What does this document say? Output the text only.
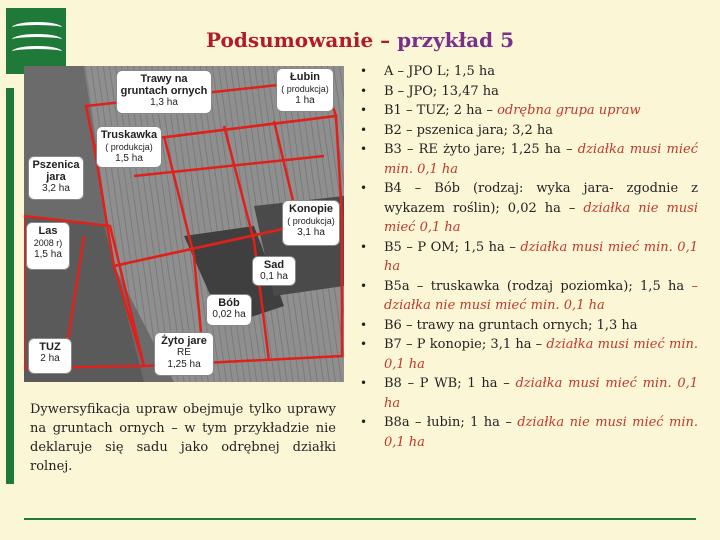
Podsumowanie – przykład 5
Trawy na
gruntach ornych
1,3 ha
Łubin
( produkcja)
1 ha
Truskawka
( produkcja)
1,5 ha
Pszenica
jara
3,2 ha
Las
2008 r)
1,5 ha
Konopie
( produkcja)
3,1 ha
Sad
0,1 ha
Bób
0,02 ha
Żyto jare
RE
1,25 ha
TUZ
2 ha
Dywersyfikacja upraw obejmuje tylko uprawy na gruntach ornych – w tym przykładzie nie deklaruje się sadu jako odrębnej działki rolnej.
• A – JPO L; 1,5 ha
• B – JPO; 13,47 ha
• B1 – TUZ; 2 ha – odrębna grupa upraw
• B2 – pszenica jara; 3,2 ha
• B3 – RE żyto jare; 1,25 ha – działka musi mieć min. 0,1 ha
• B4 – Bób (rodzaj: wyka jara- zgodnie z wykazem roślin); 0,02 ha – działka nie musi mieć 0,1 ha
• B5 – P OM; 1,5 ha – działka musi mieć min. 0,1 ha
• B5a – truskawka (rodzaj poziomka); 1,5 ha – działka nie musi mieć min. 0,1 ha
• B6 – trawy na gruntach ornych; 1,3 ha
• B7 – P konopie; 3,1 ha – działka musi mieć min. 0,1 ha
• B8 – P WB; 1 ha – działka musi mieć min. 0,1 ha
• B8a – łubin; 1 ha – działka nie musi mieć min. 0,1 ha
